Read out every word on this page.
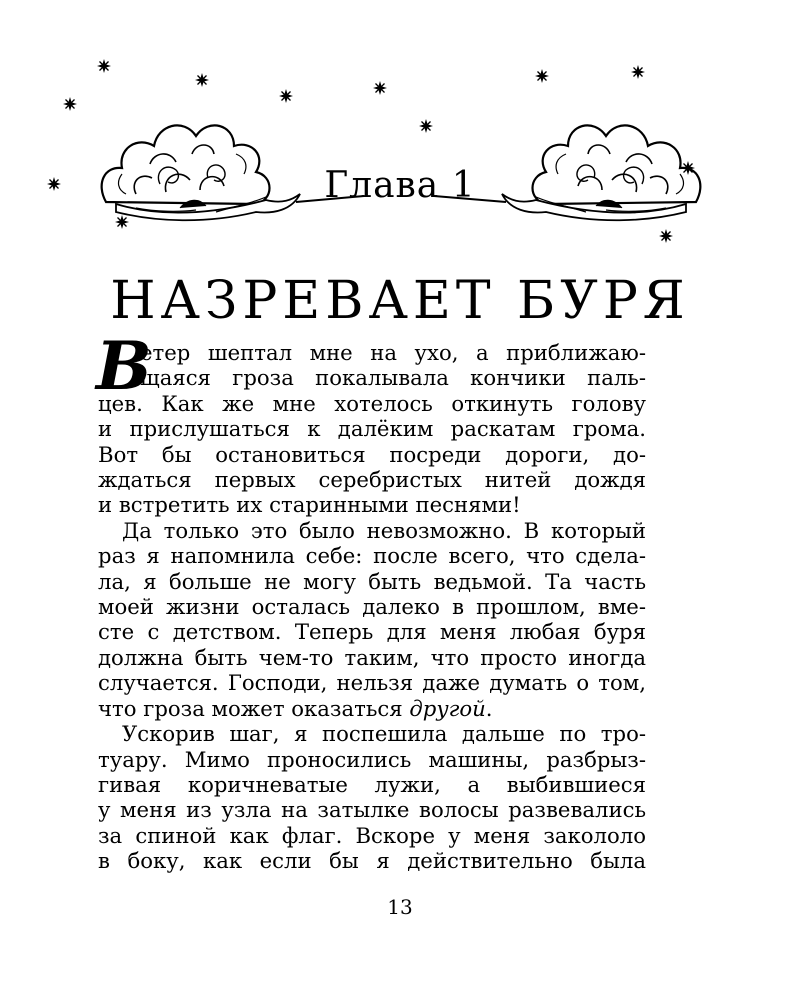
Глава 1
НАЗРЕВАЕТ БУРЯ
В
етер шептал мне на ухо, а приближаю-
щаяся гроза покалывала кончики паль-
цев. Как же мне хотелось откинуть голову
и прислушаться к далёким раскатам грома.
Вот бы остановиться посреди дороги, до-
ждаться первых серебристых нитей дождя
и встретить их старинными песнями!
Да только это было невозможно. В который
раз я напомнила себе: после всего, что сдела-
ла, я больше не могу быть ведьмой. Та часть
моей жизни осталась далеко в прошлом, вме-
сте с детством. Теперь для меня любая буря
должна быть чем-то таким, что просто иногда
случается. Господи, нельзя даже думать о том,
что гроза может оказаться другой.
Ускорив шаг, я поспешила дальше по тро-
туару. Мимо проносились машины, разбрыз-
гивая коричневатые лужи, а выбившиеся
у меня из узла на затылке волосы развевались
за спиной как флаг. Вскоре у меня закололо
в боку, как если бы я действительно была
13
